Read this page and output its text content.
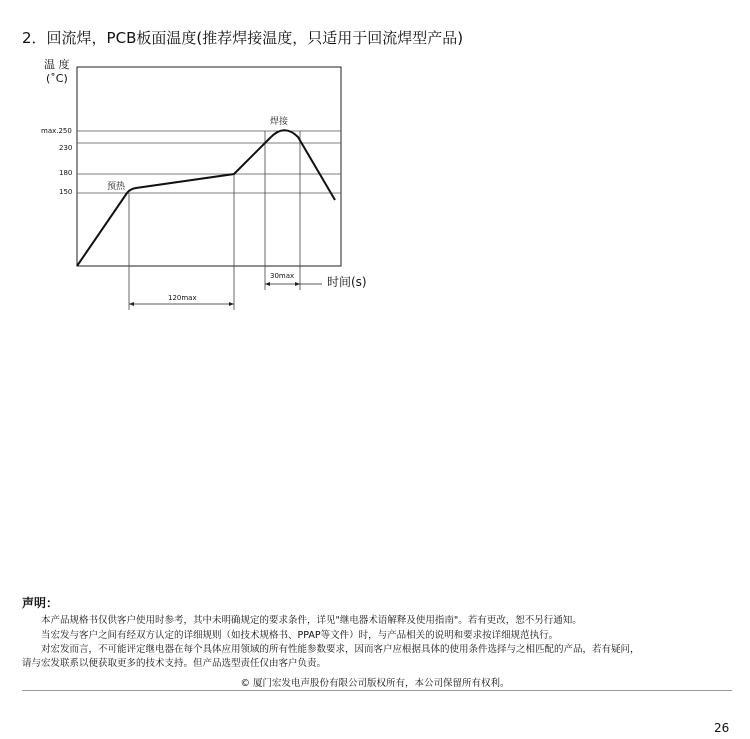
2．回流焊，PCB板面温度(推荐焊接温度，只适用于回流焊型产品)
温 度
(˚C)
max.250
230
180
150	预热
焊接
30max
120max
时间(s)
声明：
本产品规格书仅供客户使用时参考，其中未明确规定的要求条件，详见"继电器术语解释及使用指南"。若有更改，恕不另行通知。
当宏发与客户之间有经双方认定的详细规则（如技术规格书、PPAP等文件）时，与产品相关的说明和要求按详细规范执行。
对宏发而言，不可能评定继电器在每个具体应用领域的所有性能参数要求，因而客户应根据具体的使用条件选择与之相匹配的产品，若有疑问，
请与宏发联系以便获取更多的技术支持。但产品选型责任仅由客户负责。
© 厦门宏发电声股份有限公司版权所有，本公司保留所有权利。
26
